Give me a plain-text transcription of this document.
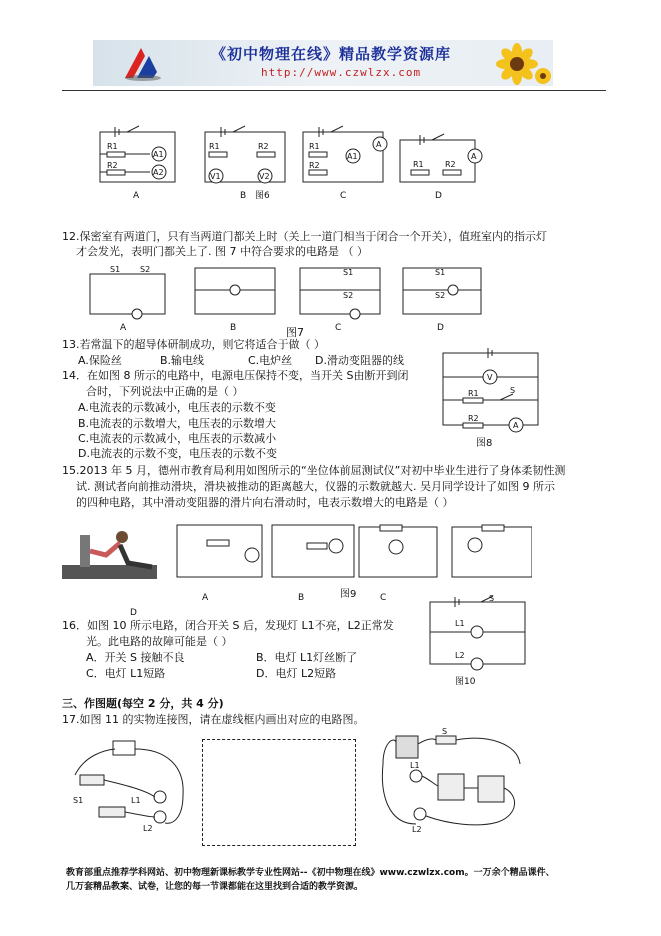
《初中物理在线》精品教学资源库
http://www.czwlzx.com
R1
R2
A1
A2
R1	R2
V1	V2
R1
R2
A1
A
R1	R2
A
A	B	C	D
图6
12.保密室有两道门，只有当两道门都关上时（关上一道门相当于闭合一个开关），值班室内的指示灯
才会发光，表明门都关上了. 图 7 中符合要求的电路是 （ ）
S1 S2	S1
S2
S1
S2
A	B	C	D
图7
13.若常温下的超导体研制成功，则它将适合于做（ ）
A.保险丝	B.输电线	C.电炉丝 D.滑动变阻器的线
14．在如图 8 所示的电路中，电源电压保持不变，当开关 S由断开到闭
合时，下列说法中正确的是（ ）
A.电流表的示数减小，电压表的示数不变
B.电流表的示数增大，电压表的示数增大
C.电流表的示数减小，电压表的示数减小
D.电流表的示数不变，电压表的示数不变
V
R1	S
R2
A
图8
15.2013 年 5 月，德州市教育局利用如图所示的“坐位体前屈测试仪”对初中毕业生进行了身体柔韧性测
试. 测试者向前推动滑块，滑块被推动的距离越大，仪器的示数就越大. 吴月同学设计了如图 9 所示
的四种电路，其中滑动变阻器的滑片向右滑动时，电表示数增大的电路是（ ）
A	B	图9	C
D
16．如图 10 所示电路，闭合开关 S 后，发现灯 L1不亮，L2正常发
光。此电路的故障可能是（ ）
A．开关 S 接触不良	B．电灯 L1灯丝断了
C．电灯 L1短路	D．电灯 L2短路
S
L1
L2
图10
三、作图题(每空 2 分，共 4 分)
17.如图 11 的实物连接图，请在虚线框内画出对应的电路图。
S1	L1
L2
S
L1
L2
教育部重点推荐学科网站、初中物理新课标教学专业性网站--《初中物理在线》www.czwlzx.com。一万余个精品课件、
几万套精品教案、试卷，让您的每一节课都能在这里找到合适的教学资源。
